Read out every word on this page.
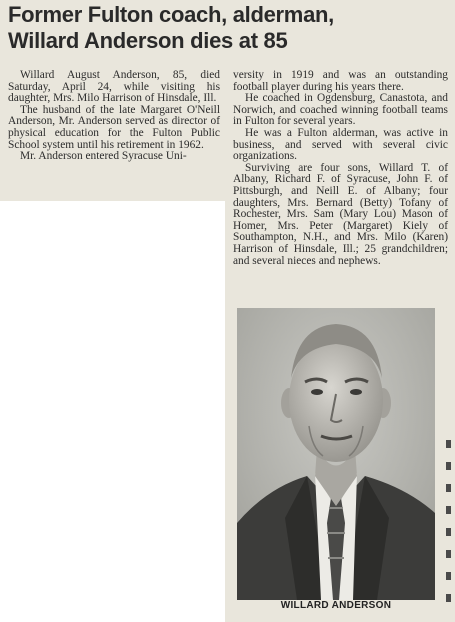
Former Fulton coach, alderman,
Willard Anderson dies at 85

Willard August Anderson, 85, died Saturday, April 24, while visiting his daughter, Mrs. Milo Harrison of Hinsdale, Ill.

The husband of the late Margaret O'Neill Anderson, Mr. Anderson served as director of physical education for the Fulton Public School system until his retirement in 1962.

Mr. Anderson entered Syracuse Uni-

versity in 1919 and was an outstanding football player during his years there.

He coached in Ogdensburg, Canastota, and Norwich, and coached winning football teams in Fulton for several years.

He was a Fulton alderman, was active in business, and served with several civic organizations.

Surviving are four sons, Willard T. of Albany, Richard F. of Syracuse, John F. of Pittsburgh, and Neill E. of Albany; four daughters, Mrs. Bernard (Betty) Tofany of Rochester, Mrs. Sam (Mary Lou) Mason of Homer, Mrs. Peter (Margaret) Kiely of Southampton, N.H., and Mrs. Milo (Karen) Harrison of Hinsdale, Ill.; 25 grandchildren; and several nieces and nephews.

WILLARD ANDERSON
